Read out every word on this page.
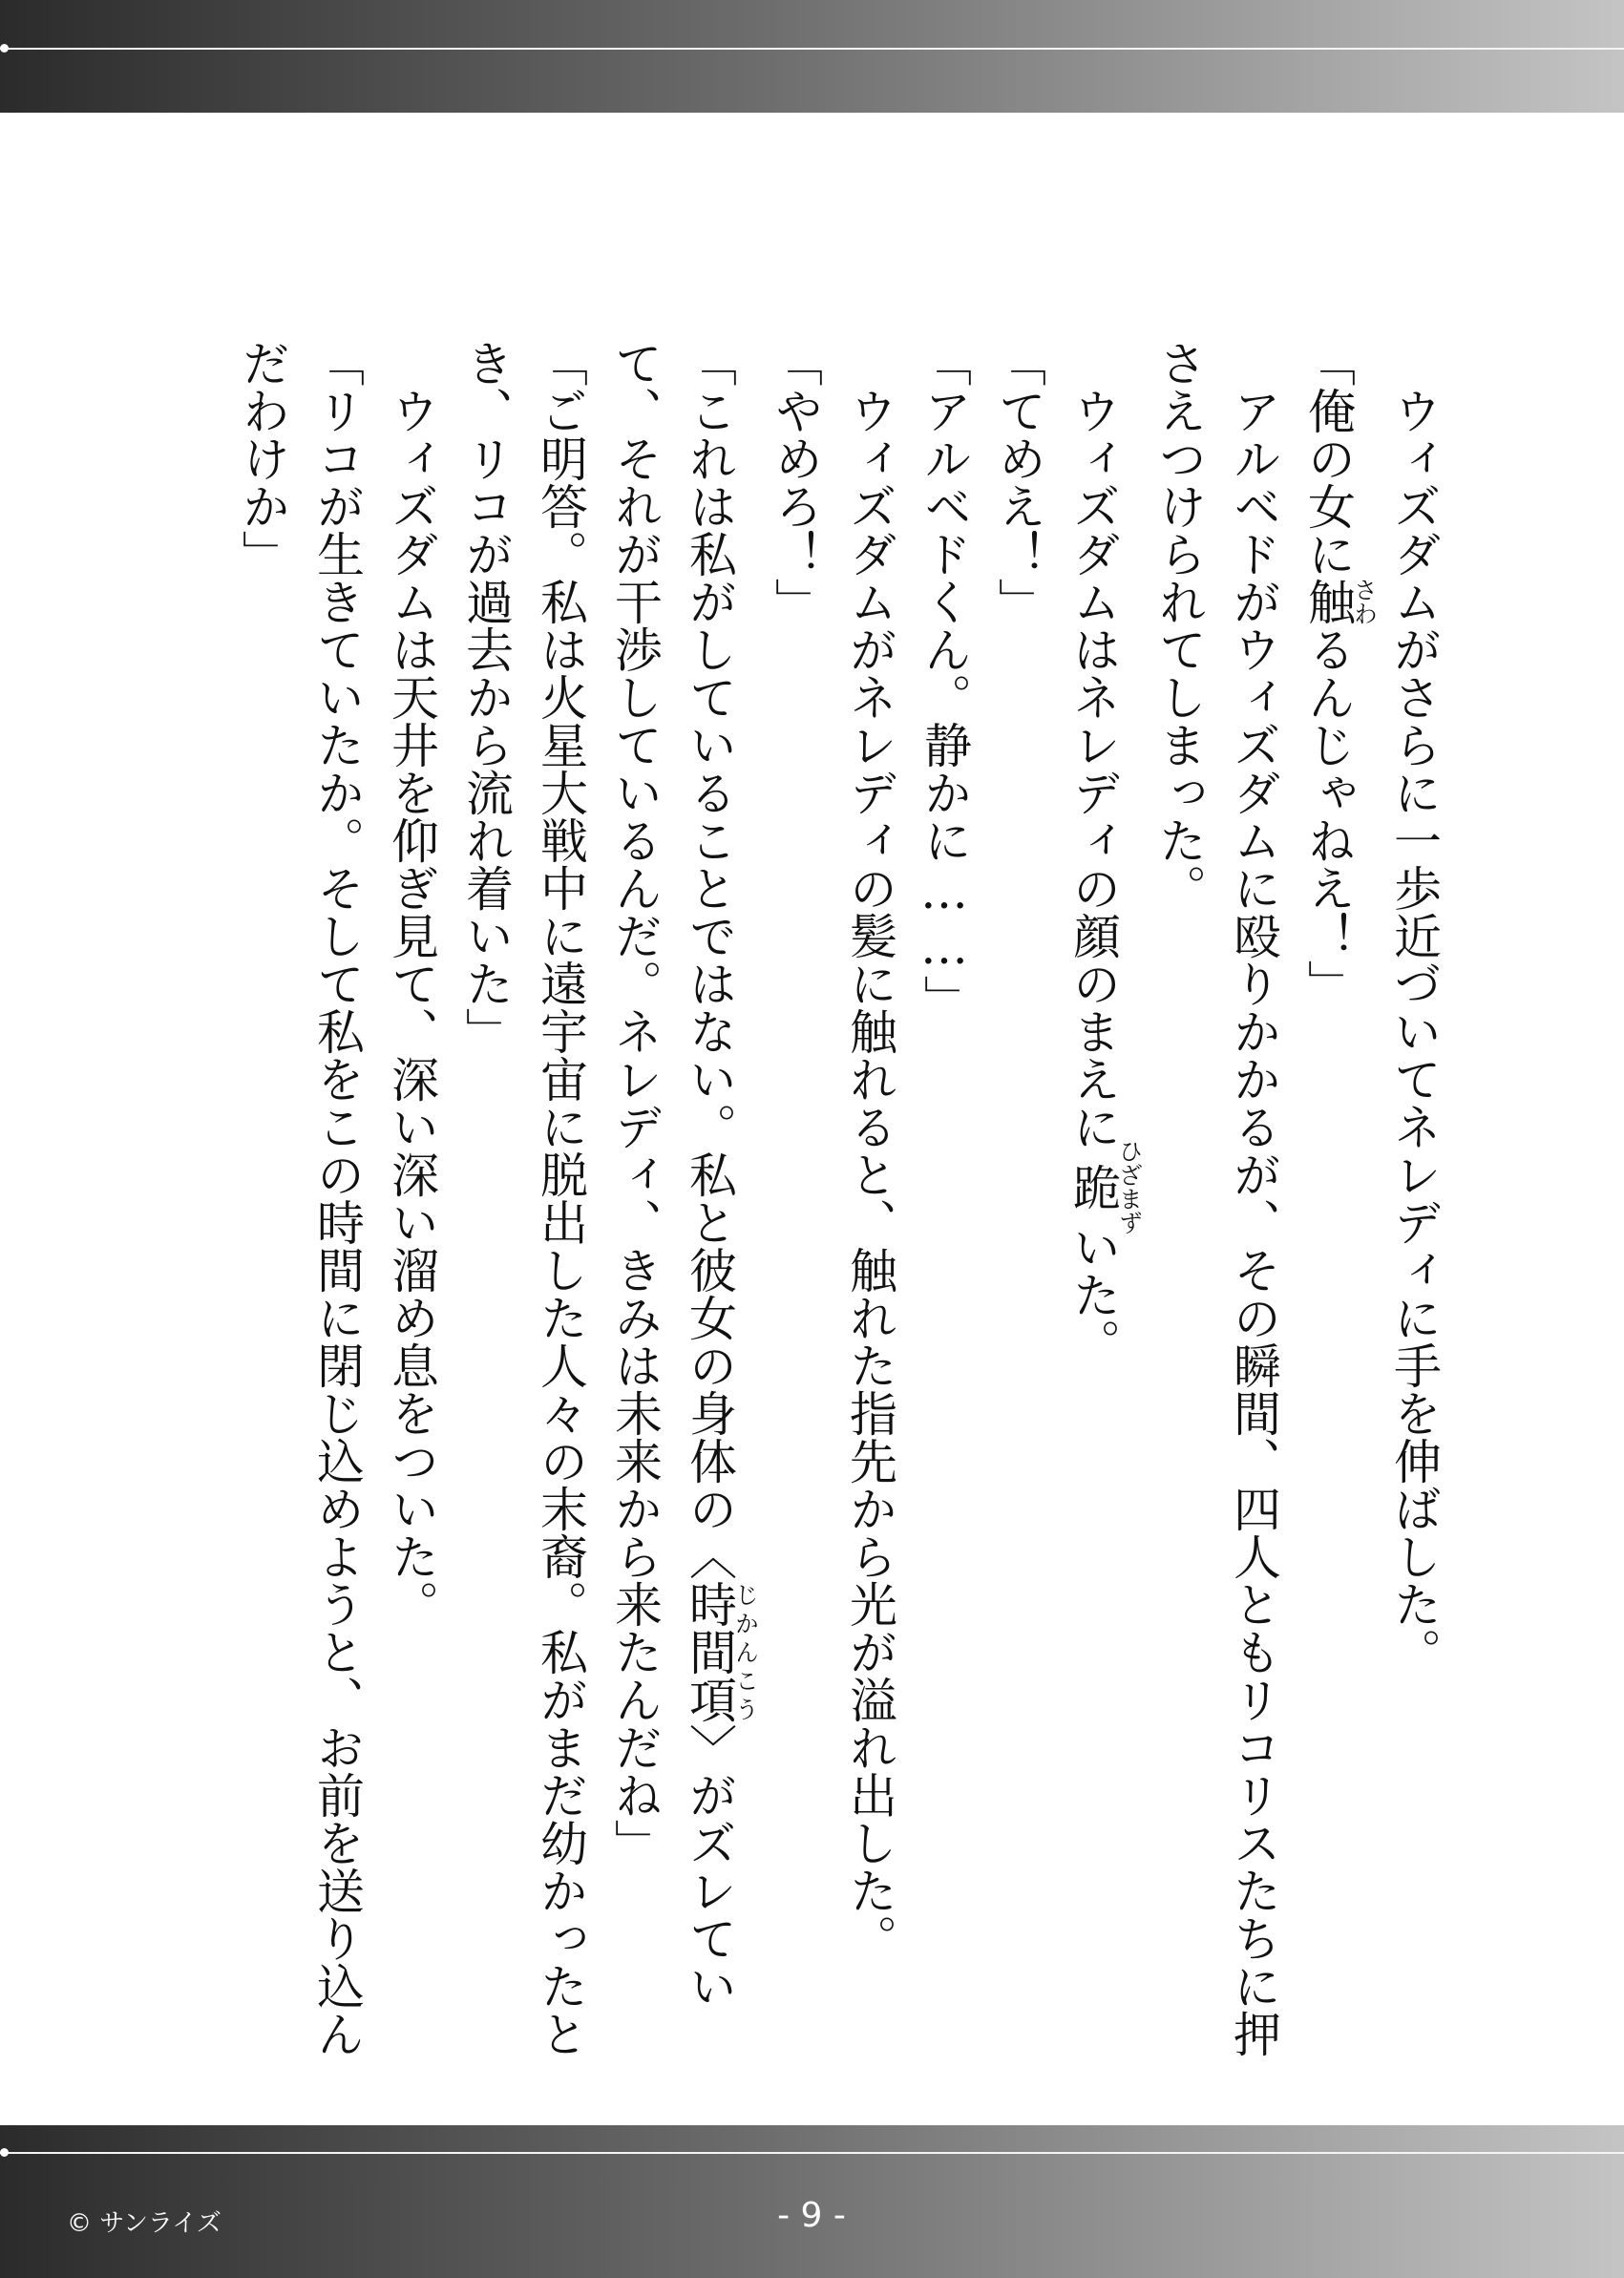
ウィズダムがさらに一歩近づいてネレディに手を伸ばした。

「俺の女に触さわるんじゃねえ！」

アルベドがウィズダムに殴りかかるが、その瞬間、四人ともリコリスたちに押さえつけられてしまった。

ウィズダムはネレディの顔のまえに跪ひざまずいた。

「てめえ！」

「アルベドくん。静かに……」

ウィズダムがネレディの髪に触れると、触れた指先から光が溢れ出した。

「やめろ！」

「これは私がしていることではない。私と彼女の身体の〈時間項じかんこう〉がズレていて、それが干渉しているんだ。ネレディ、きみは未来から来たんだね」

「ご明答。私は火星大戦中に遠宇宙に脱出した人々の末裔。私がまだ幼かったとき、リコが過去から流れ着いた」

ウィズダムは天井を仰ぎ見て、深い深い溜め息をついた。

「リコが生きていたか。そして私をこの時間に閉じ込めようと、お前を送り込んだわけか」

© サンライズ	- 9 -
